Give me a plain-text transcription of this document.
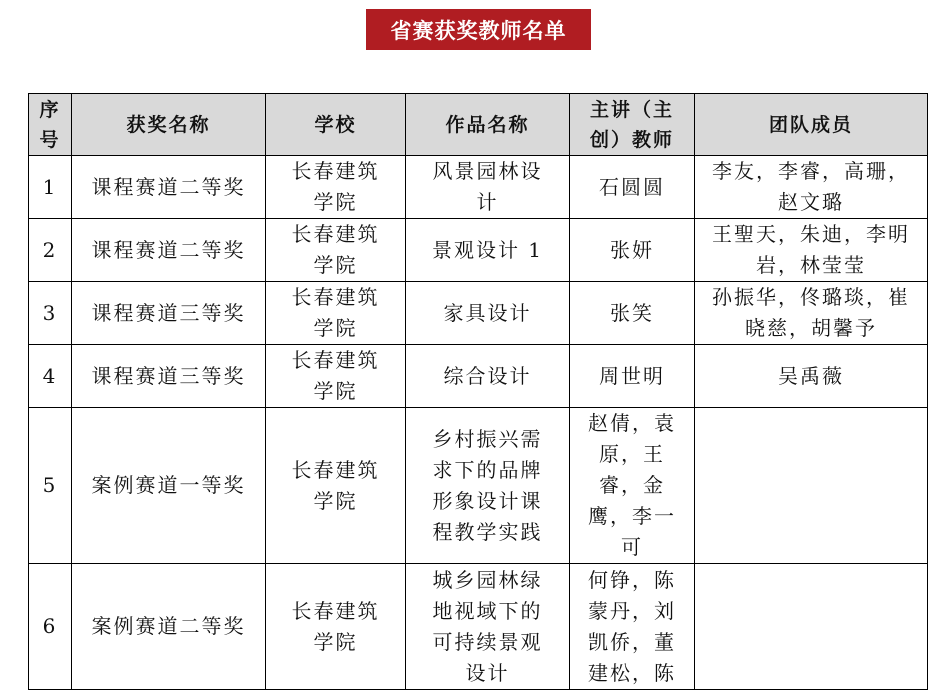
省赛获奖教师名单
序号	获奖名称	学校	作品名称	主讲（主创）教师	团队成员
1	课程赛道二等奖	长春建筑学院	风景园林设计	石圆圆	李友，李睿，高珊，赵文璐

2	课程赛道二等奖	长春建筑学院	景观设计 1	张妍	王聖天，朱迪，李明岩，林莹莹

3	课程赛道三等奖	长春建筑学院	家具设计	张笑	孙振华，佟璐琰，崔晓慈，胡馨予

4	课程赛道三等奖	长春建筑学院	综合设计	周世明	吴禹薇
5	案例赛道一等奖	长春建筑学院	乡村振兴需求下的品牌形象设计课程教学实践	赵倩，袁原，王睿，金鹰，李一可	

6	案例赛道二等奖	长春建筑学院	城乡园林绿地视域下的可持续景观设计	何铮，陈蒙丹，刘凯侨，董建松，陈	
